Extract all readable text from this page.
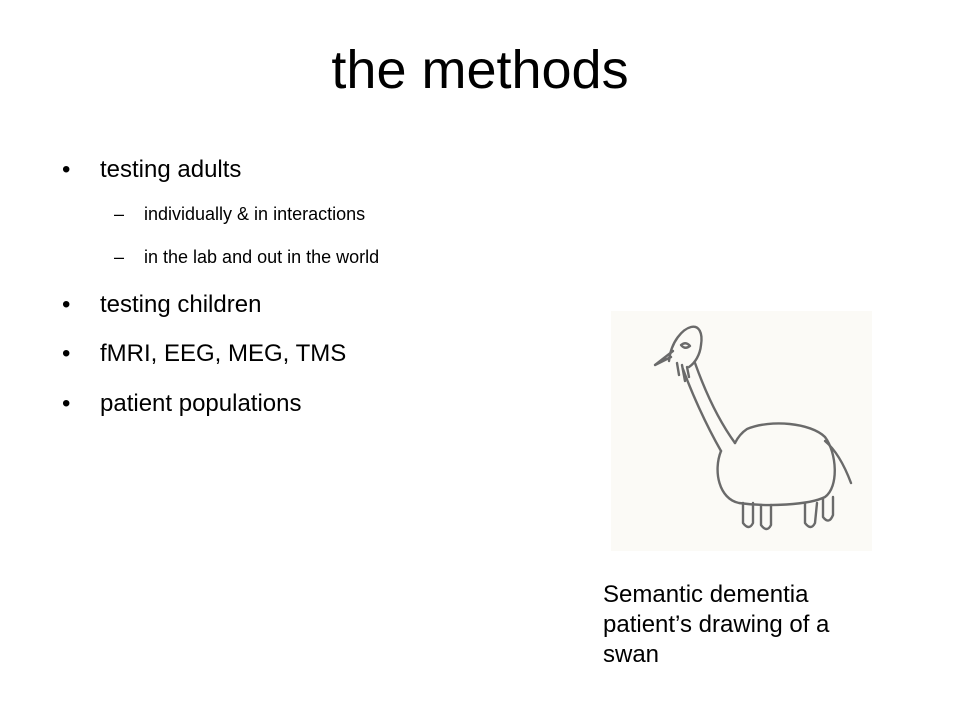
the methods
• testing adults
– individually & in interactions
– in the lab and out in the world
• testing children
• fMRI, EEG, MEG, TMS
• patient populations
Semantic dementia
patient’s drawing of a
swan
